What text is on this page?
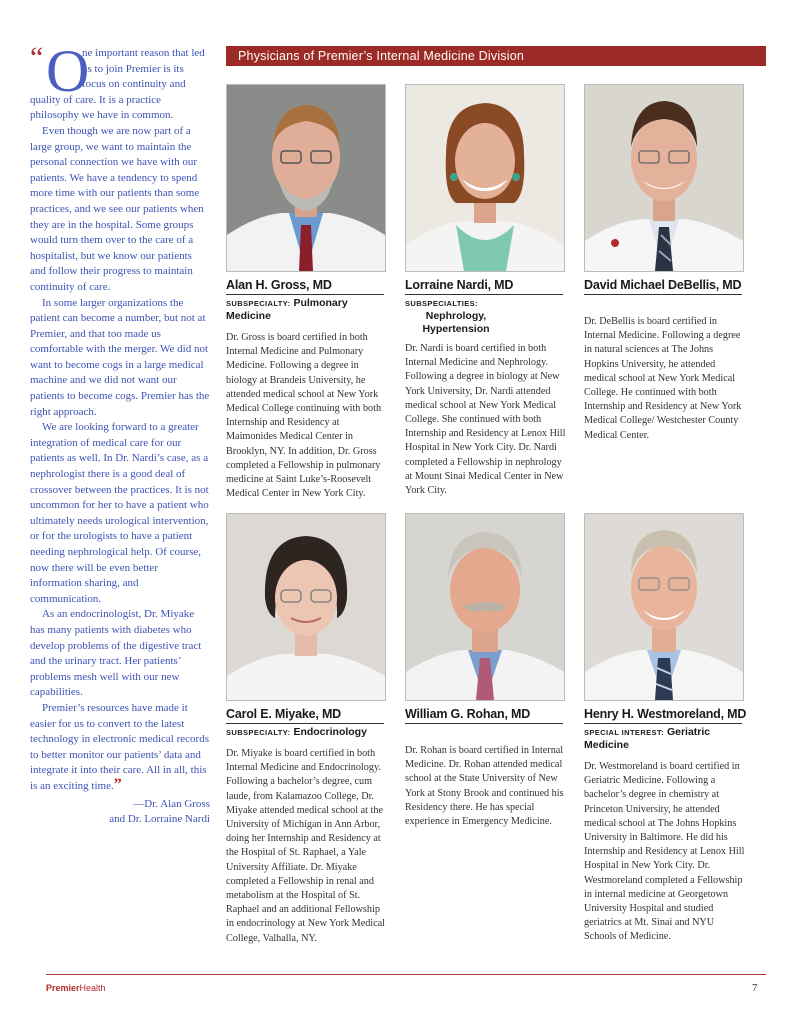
“ O

ne important reason that led us to join Premier is its focus on continuity and quality of care. It is a practice philosophy we have in common.

Even though we are now part of a large group, we want to maintain the personal connection we have with our patients. We have a tendency to spend more time with our patients than some practices, and we see our patients when they are in the hospital. Some groups would turn them over to the care of a hospitalist, but we know our patients and follow their progress to maintain continuity of care.

In some larger organizations the patient can become a number, but not at Premier, and that too made us comfortable with the merger. We did not want to become cogs in a large medical machine and we did not want our patients to become cogs. Premier has the right approach.

We are looking forward to a greater integration of medical care for our patients as well. In Dr. Nardi’s case, as a nephrologist there is a good deal of crossover between the practices. It is not uncommon for her to have a patient who ultimately needs urological intervention, or for the urologists to have a patient needing nephrological help. Of course, now there will be even better information sharing, and communication.

As an endocrinologist, Dr. Miyake has many patients with diabetes who develop problems of the digestive tract and the urinary tract. Her patients’ problems mesh well with our new capabilities.

Premier’s resources have made it easier for us to convert to the latest technology in electronic medical records to better monitor our patients’ data and integrate it into their care. All in all, this is an exciting time.”

—Dr. Alan Gross
and Dr. Lorraine Nardi
Physicians of Premier’s Internal Medicine Division
Alan H. Gross, MD
SUBSPECIALTY: Pulmonary Medicine
Dr. Gross is board certified in both Internal Medicine and Pulmonary Medicine. Following a degree in biology at Brandeis University, he attended medical school at New York Medical College continuing with both Internship and Residency at Maimonides Medical Center in Brooklyn, NY. In addition, Dr. Gross completed a Fellowship in pulmonary medicine at Saint Luke’s-Roosevelt Medical Center in New York City.
Lorraine Nardi, MD
SUBSPECIALTIES: Nephrology, Hypertension
Dr. Nardi is board certified in both Internal Medicine and Nephrology. Following a degree in biology at New York University, Dr. Nardi attended medical school at New York Medical College. She continued with both Internship and Residency at Lenox Hill Hospital in New York City. Dr. Nardi completed a Fellowship in nephrology at Mount Sinai Medical Center in New York City.
David Michael DeBellis, MD
Dr. DeBellis is board certified in Internal Medicine. Following a degree in natural sciences at The Johns Hopkins University, he attended medical school at New York Medical College. He continued with both Internship and Residency at New York Medical College/ Westchester County Medical Center.
Carol E. Miyake, MD
SUBSPECIALTY: Endocrinology
Dr. Miyake is board certified in both Internal Medicine and Endocrinology. Following a bachelor’s degree, cum laude, from Kalamazoo College, Dr. Miyake attended medical school at the University of Michigan in Ann Arbor, doing her Internship and Residency at the Hospital of St. Raphael, a Yale University Affiliate. Dr. Miyake completed a Fellowship in renal and metabolism at the Hospital of St. Raphael and an additional Fellowship in endocrinology at New York Medical College, Valhalla, NY.
William G. Rohan, MD
Dr. Rohan is board certified in Internal Medicine. Dr. Rohan attended medical school at the State University of New York at Stony Brook and continued his Residency there. He has special experience in Emergency Medicine.
Henry H. Westmoreland, MD
SPECIAL INTEREST: Geriatric Medicine
Dr. Westmoreland is board certified in Geriatric Medicine. Following a bachelor’s degree in chemistry at Princeton University, he attended medical school at The Johns Hopkins University in Baltimore. He did his Internship and Residency at Lenox Hill Hospital in New York City. Dr. Westmoreland completed a Fellowship in internal medicine at Georgetown University Hospital and studied geriatrics at Mt. Sinai and NYU Schools of Medicine.
PremierHealth	7
